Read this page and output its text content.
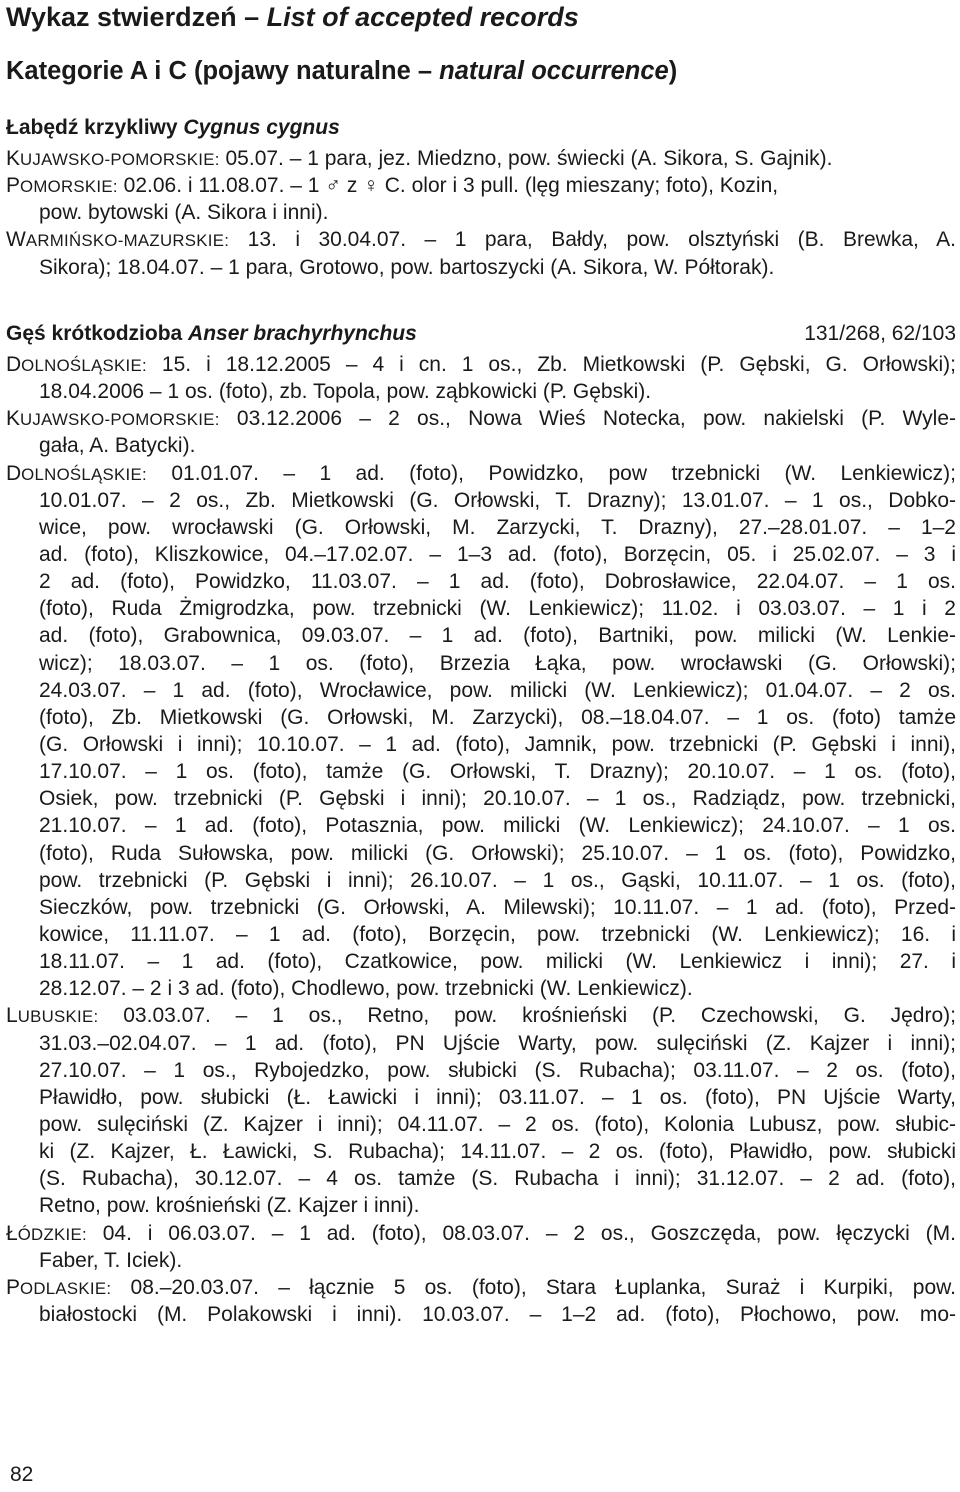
Wykaz stwierdzeń – List of accepted records
Kategorie A i C (pojawy naturalne – natural occurrence)
Łabędź krzykliwy Cygnus cygnus
KUJAWSKO-POMORSKIE: 05.07. – 1 para, jez. Miedzno, pow. świecki (A. Sikora, S. Gajnik).
POMORSKIE: 02.06. i 11.08.07. – 1 ♂ z ♀ C. olor i 3 pull. (lęg mieszany; foto), Kozin,
pow. bytowski (A. Sikora i inni).
WARMIŃSKO-MAZURSKIE: 13. i 30.04.07. – 1 para, Bałdy, pow. olsztyński (B. Brewka, A.
Sikora); 18.04.07. – 1 para, Grotowo, pow. bartoszycki (A. Sikora, W. Półtorak).
Gęś krótkodzioba Anser brachyrhynchus	131/268, 62/103
DOLNOŚLĄSKIE: 15. i 18.12.2005 – 4 i cn. 1 os., Zb. Mietkowski (P. Gębski, G. Orłowski);
18.04.2006 – 1 os. (foto), zb. Topola, pow. ząbkowicki (P. Gębski).
KUJAWSKO-POMORSKIE: 03.12.2006 – 2 os., Nowa Wieś Notecka, pow. nakielski (P. Wyle-
gała, A. Batycki).
DOLNOŚLĄSKIE: 01.01.07. – 1 ad. (foto), Powidzko, pow trzebnicki (W. Lenkiewicz);
10.01.07. – 2 os., Zb. Mietkowski (G. Orłowski, T. Drazny); 13.01.07. – 1 os., Dobko-
wice, pow. wrocławski (G. Orłowski, M. Zarzycki, T. Drazny), 27.–28.01.07. – 1–2
ad. (foto), Kliszkowice, 04.–17.02.07. – 1–3 ad. (foto), Borzęcin, 05. i 25.02.07. – 3 i
2 ad. (foto), Powidzko, 11.03.07. – 1 ad. (foto), Dobrosławice, 22.04.07. – 1 os.
(foto), Ruda Żmigrodzka, pow. trzebnicki (W. Lenkiewicz); 11.02. i 03.03.07. – 1 i 2
ad. (foto), Grabownica, 09.03.07. – 1 ad. (foto), Bartniki, pow. milicki (W. Lenkie-
wicz); 18.03.07. – 1 os. (foto), Brzezia Łąka, pow. wrocławski (G. Orłowski);
24.03.07. – 1 ad. (foto), Wrocławice, pow. milicki (W. Lenkiewicz); 01.04.07. – 2 os.
(foto), Zb. Mietkowski (G. Orłowski, M. Zarzycki), 08.–18.04.07. – 1 os. (foto) tamże
(G. Orłowski i inni); 10.10.07. – 1 ad. (foto), Jamnik, pow. trzebnicki (P. Gębski i inni),
17.10.07. – 1 os. (foto), tamże (G. Orłowski, T. Drazny); 20.10.07. – 1 os. (foto),
Osiek, pow. trzebnicki (P. Gębski i inni); 20.10.07. – 1 os., Radziądz, pow. trzebnicki,
21.10.07. – 1 ad. (foto), Potasznia, pow. milicki (W. Lenkiewicz); 24.10.07. – 1 os.
(foto), Ruda Sułowska, pow. milicki (G. Orłowski); 25.10.07. – 1 os. (foto), Powidzko,
pow. trzebnicki (P. Gębski i inni); 26.10.07. – 1 os., Gąski, 10.11.07. – 1 os. (foto),
Sieczków, pow. trzebnicki (G. Orłowski, A. Milewski); 10.11.07. – 1 ad. (foto), Przed-
kowice, 11.11.07. – 1 ad. (foto), Borzęcin, pow. trzebnicki (W. Lenkiewicz); 16. i
18.11.07. – 1 ad. (foto), Czatkowice, pow. milicki (W. Lenkiewicz i inni); 27. i
28.12.07. – 2 i 3 ad. (foto), Chodlewo, pow. trzebnicki (W. Lenkiewicz).
LUBUSKIE: 03.03.07. – 1 os., Retno, pow. krośnieński (P. Czechowski, G. Jędro);
31.03.–02.04.07. – 1 ad. (foto), PN Ujście Warty, pow. sulęciński (Z. Kajzer i inni);
27.10.07. – 1 os., Rybojedzko, pow. słubicki (S. Rubacha); 03.11.07. – 2 os. (foto),
Pławidło, pow. słubicki (Ł. Ławicki i inni); 03.11.07. – 1 os. (foto), PN Ujście Warty,
pow. sulęciński (Z. Kajzer i inni); 04.11.07. – 2 os. (foto), Kolonia Lubusz, pow. słubic-
ki (Z. Kajzer, Ł. Ławicki, S. Rubacha); 14.11.07. – 2 os. (foto), Pławidło, pow. słubicki
(S. Rubacha), 30.12.07. – 4 os. tamże (S. Rubacha i inni); 31.12.07. – 2 ad. (foto),
Retno, pow. krośnieński (Z. Kajzer i inni).
ŁÓDZKIE: 04. i 06.03.07. – 1 ad. (foto), 08.03.07. – 2 os., Goszczęda, pow. łęczycki (M.
Faber, T. Iciek).
PODLASKIE: 08.–20.03.07. – łącznie 5 os. (foto), Stara Łuplanka, Suraż i Kurpiki, pow.
białostocki (M. Polakowski i inni). 10.03.07. – 1–2 ad. (foto), Płochowo, pow. mo-
82
